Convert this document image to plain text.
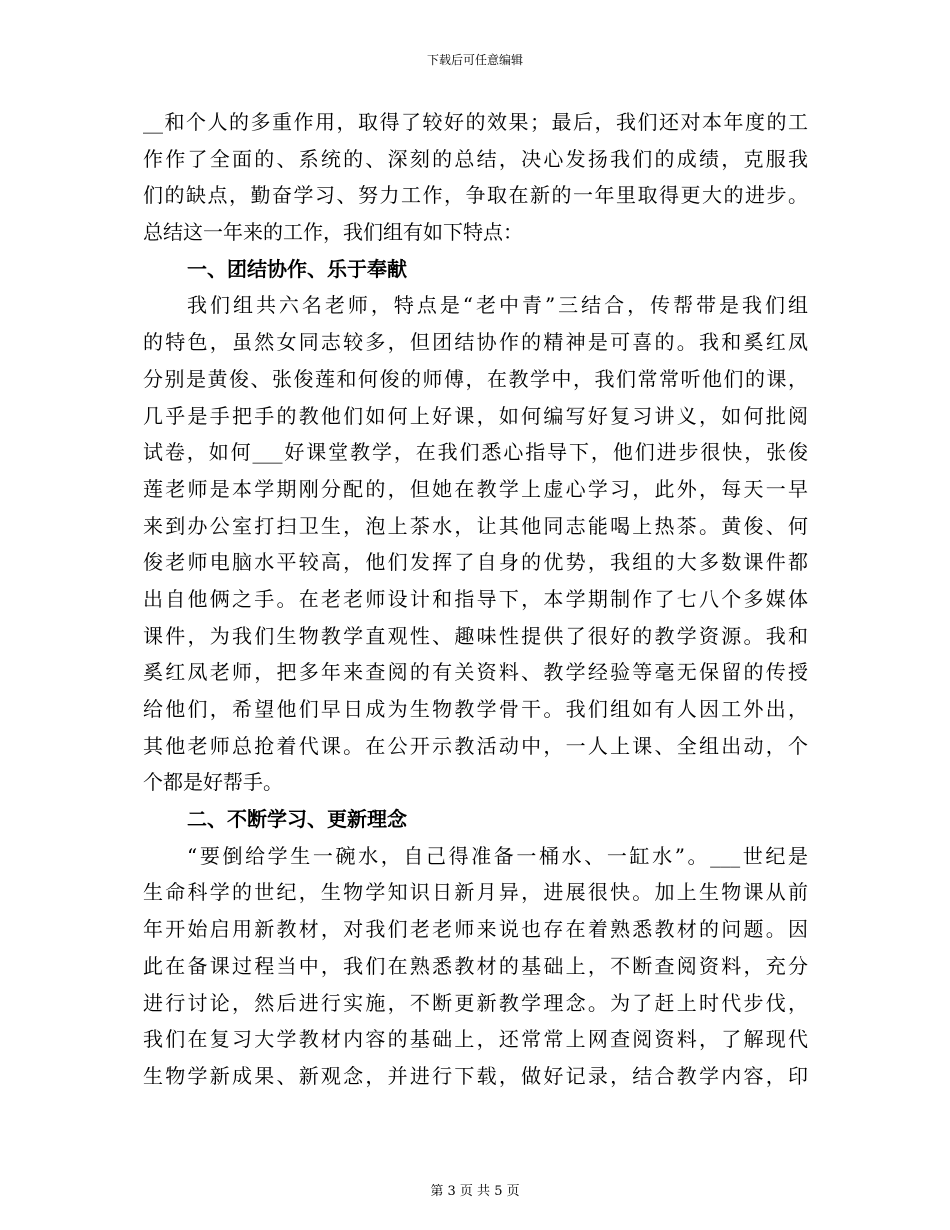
下载后可任意编辑
__和个人的多重作用，取得了较好的效果；最后，我们还对本年度的工
作作了全面的、系统的、深刻的总结，决心发扬我们的成绩，克服我
们的缺点，勤奋学习、努力工作，争取在新的一年里取得更大的进步。
总结这一年来的工作，我们组有如下特点：
一、团结协作、乐于奉献
我们组共六名老师，特点是“老中青”三结合，传帮带是我们组
的特色，虽然女同志较多，但团结协作的精神是可喜的。我和奚红凤
分别是黄俊、张俊莲和何俊的师傅，在教学中，我们常常听他们的课，
几乎是手把手的教他们如何上好课，如何编写好复习讲义，如何批阅
试卷，如何___好课堂教学，在我们悉心指导下，他们进步很快，张俊
莲老师是本学期刚分配的，但她在教学上虚心学习，此外，每天一早
来到办公室打扫卫生，泡上茶水，让其他同志能喝上热茶。黄俊、何
俊老师电脑水平较高，他们发挥了自身的优势，我组的大多数课件都
出自他俩之手。在老老师设计和指导下，本学期制作了七八个多媒体
课件，为我们生物教学直观性、趣味性提供了很好的教学资源。我和
奚红凤老师，把多年来查阅的有关资料、教学经验等毫无保留的传授
给他们，希望他们早日成为生物教学骨干。我们组如有人因工外出，
其他老师总抢着代课。在公开示教活动中，一人上课、全组出动，个
个都是好帮手。
二、不断学习、更新理念
“要倒给学生一碗水，自己得准备一桶水、一缸水”。___世纪是
生命科学的世纪，生物学知识日新月异，进展很快。加上生物课从前
年开始启用新教材，对我们老老师来说也存在着熟悉教材的问题。因
此在备课过程当中，我们在熟悉教材的基础上，不断查阅资料，充分
进行讨论，然后进行实施，不断更新教学理念。为了赶上时代步伐，
我们在复习大学教材内容的基础上，还常常上网查阅资料，了解现代
生物学新成果、新观念，并进行下载，做好记录，结合教学内容，印
第 3 页 共 5 页
